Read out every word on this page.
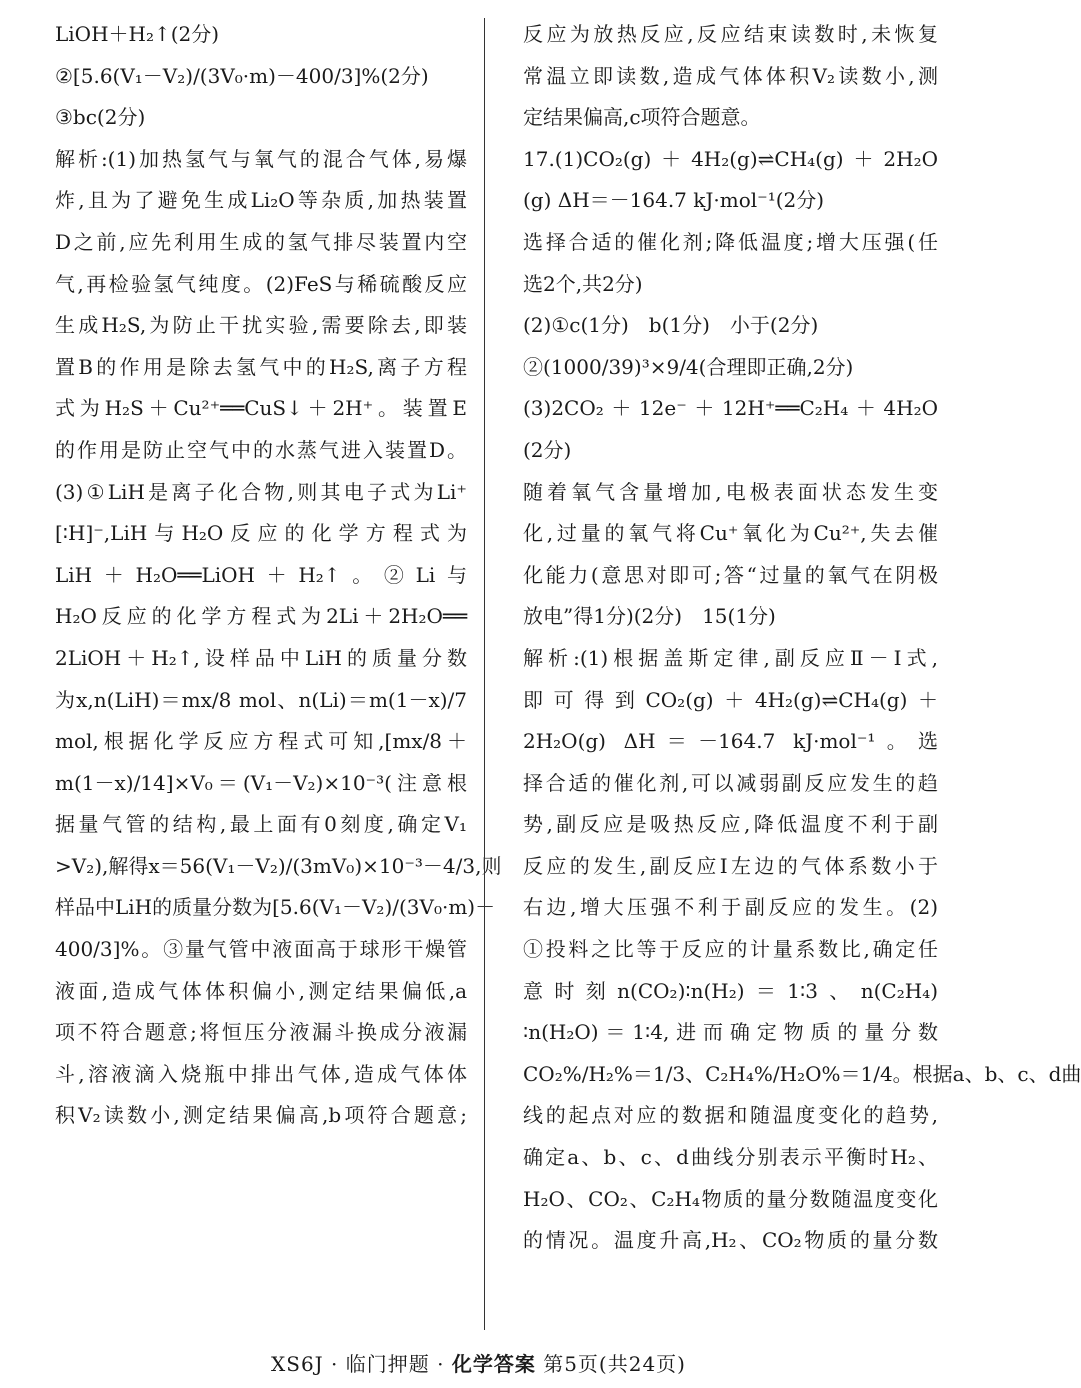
LiOH＋H₂↑(2分)
②[5.6(V₁－V₂)/(3V₀·m)－400/3]%(2分)
③bc(2分)
解析:(1)加热氢气与氧气的混合气体,易爆
炸,且为了避免生成Li₂O等杂质,加热装置
D之前,应先利用生成的氢气排尽装置内空
气,再检验氢气纯度。(2)FeS与稀硫酸反应
生成H₂S,为防止干扰实验,需要除去,即装
置B的作用是除去氢气中的H₂S,离子方程
式为H₂S＋Cu²⁺══CuS↓＋2H⁺。装置E
的作用是防止空气中的水蒸气进入装置D。
(3)①LiH是离子化合物,则其电子式为Li⁺
[∶H]⁻,LiH与H₂O反应的化学方程式为
LiH＋H₂O══LiOH＋H₂↑。②Li与
H₂O反应的化学方程式为2Li＋2H₂O══
2LiOH＋H₂↑,设样品中LiH的质量分数
为x,n(LiH)＝mx/8 mol、n(Li)＝m(1－x)/7
mol,根据化学反应方程式可知,[mx/8＋
m(1－x)/14]×V₀＝(V₁－V₂)×10⁻³(注意根
据量气管的结构,最上面有0刻度,确定V₁
>V₂),解得x＝56(V₁－V₂)/(3mV₀)×10⁻³－4/3,则
样品中LiH的质量分数为[5.6(V₁－V₂)/(3V₀·m)－
400/3]%。③量气管中液面高于球形干燥管
液面,造成气体体积偏小,测定结果偏低,a
项不符合题意;将恒压分液漏斗换成分液漏
斗,溶液滴入烧瓶中排出气体,造成气体体
积V₂读数小,测定结果偏高,b项符合题意;
反应为放热反应,反应结束读数时,未恢复
常温立即读数,造成气体体积V₂读数小,测
定结果偏高,c项符合题意。
17.(1)CO₂(g)＋4H₂(g)⇌CH₄(g)＋2H₂O
(g) ΔH＝－164.7 kJ·mol⁻¹(2分)
选择合适的催化剂;降低温度;增大压强(任
选2个,共2分)
(2)①c(1分)　b(1分)　小于(2分)
②(1000/39)³×9/4(合理即正确,2分)
(3)2CO₂＋12e⁻＋12H⁺══C₂H₄＋4H₂O
(2分)
随着氧气含量增加,电极表面状态发生变
化,过量的氧气将Cu⁺氧化为Cu²⁺,失去催
化能力(意思对即可;答“过量的氧气在阴极
放电”得1分)(2分)　15(1分)
解析:(1)根据盖斯定律,副反应Ⅱ－Ⅰ式,
即可得到CO₂(g)＋4H₂(g)⇌CH₄(g)＋
2H₂O(g) ΔH＝－164.7 kJ·mol⁻¹。选
择合适的催化剂,可以减弱副反应发生的趋
势,副反应是吸热反应,降低温度不利于副
反应的发生,副反应Ⅰ左边的气体系数小于
右边,增大压强不利于副反应的发生。(2)
①投料之比等于反应的计量系数比,确定任
意时刻n(CO₂)∶n(H₂)＝1∶3、n(C₂H₄)
∶n(H₂O)＝1∶4,进而确定物质的量分数
CO₂%/H₂%＝1/3、C₂H₄%/H₂O%＝1/4。根据a、b、c、d曲
线的起点对应的数据和随温度变化的趋势,
确定a、b、c、d曲线分别表示平衡时H₂、
H₂O、CO₂、C₂H₄物质的量分数随温度变化
的情况。温度升高,H₂、CO₂物质的量分数
XS6J · 临门押题 · 化学答案 第5页(共24页)
